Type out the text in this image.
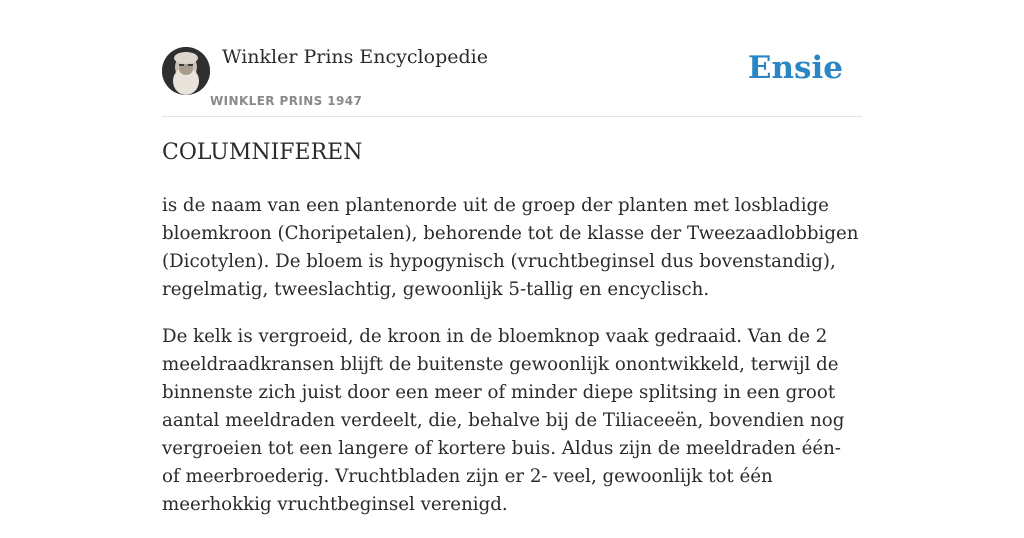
Winkler Prins Encyclopedie
WINKLER PRINS 1947
Ensie
COLUMNIFEREN

is de naam van een plantenorde uit de groep der planten met losbladige bloemkroon (Choripetalen), behorende tot de klasse der Tweezaadlobbigen (Dicotylen). De bloem is hypogynisch (vruchtbeginsel dus bovenstandig), regelmatig, tweeslachtig, gewoonlijk 5-tallig en encyclisch.

De kelk is vergroeid, de kroon in de bloemknop vaak gedraaid. Van de 2 meeldraadkransen blijft de buitenste gewoonlijk onontwikkeld, terwijl de binnenste zich juist door een meer of minder diepe splitsing in een groot aantal meeldraden verdeelt, die, behalve bij de Tiliaceeën, bovendien nog vergroeien tot een langere of kortere buis. Aldus zijn de meeldraden één- of meerbroederig. Vruchtbladen zijn er 2- veel, gewoonlijk tot één meerhokkig vruchtbeginsel verenigd.
